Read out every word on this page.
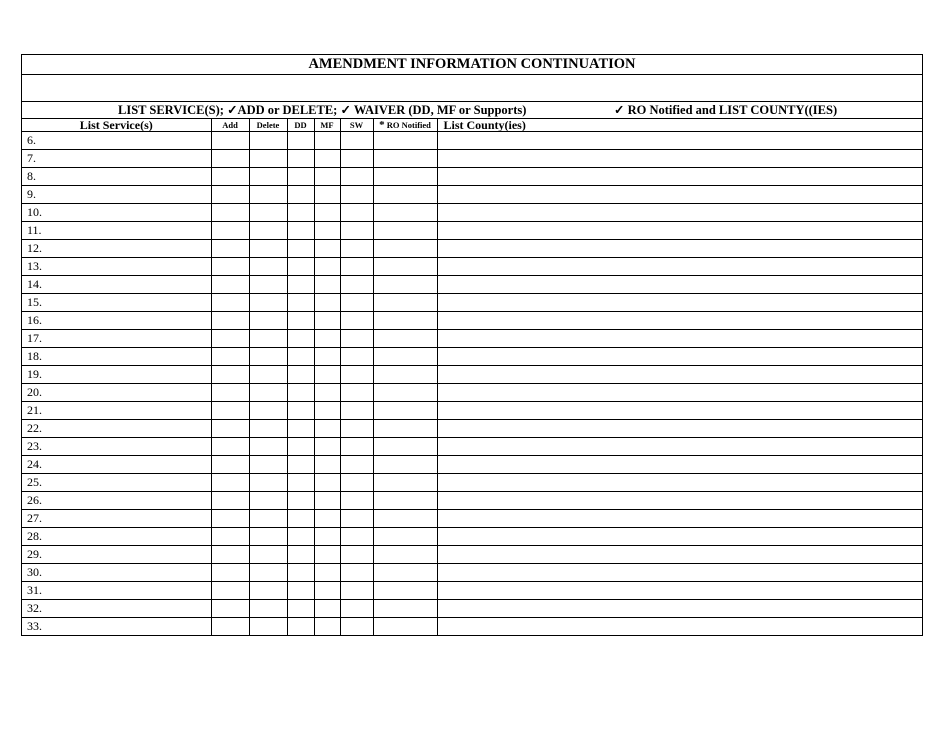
AMENDMENT INFORMATION CONTINUATION
LIST SERVICE(S); ✓ADD or DELETE; ✓ WAIVER (DD, MF or Supports)	✓ RO Notified and LIST COUNTY((IES)
List Service(s)	Add	Delete	DD	MF	SW	* RO Notified	List County(ies)
6.							
7.							
8.							
9.							
10.							
11.							
12.							
13.							
14.							
15.							
16.							
17.							
18.							
19.							
20.							
21.							
22.							
23.							
24.							
25.							
26.							
27.							
28.							
29.							
30.							
31.							
32.							
33.							
